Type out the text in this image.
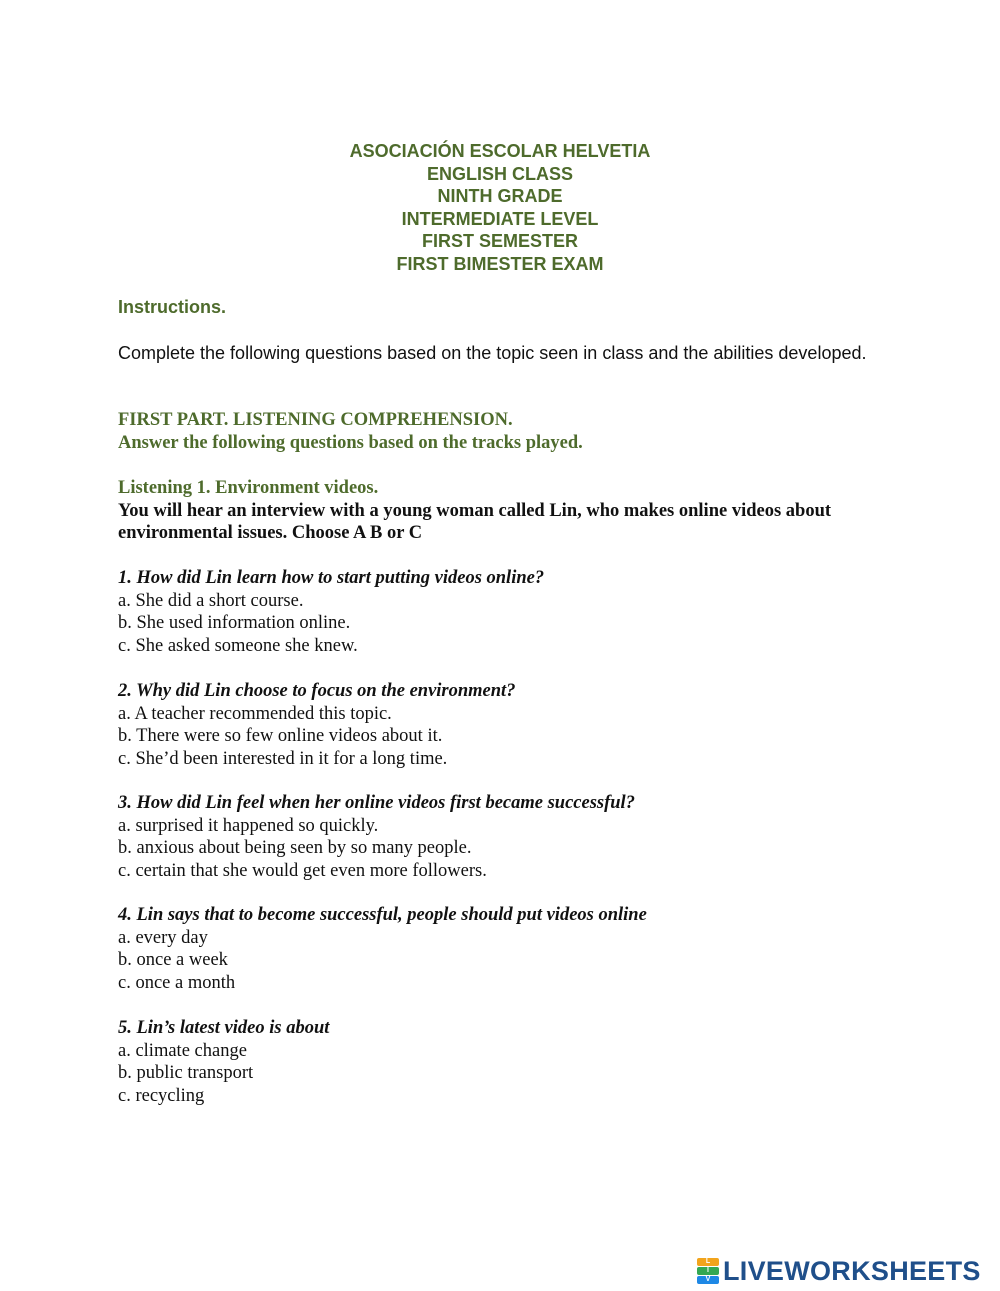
ASOCIACIÓN ESCOLAR HELVETIA
ENGLISH CLASS
NINTH GRADE
INTERMEDIATE LEVEL
FIRST SEMESTER
FIRST BIMESTER EXAM
Instructions.
Complete the following questions based on the topic seen in class and the abilities developed.
FIRST PART. LISTENING COMPREHENSION.
Answer the following questions based on the tracks played.
Listening 1. Environment videos.
You will hear an interview with a young woman called Lin, who makes online videos about environmental issues. Choose A B or C
1. How did Lin learn how to start putting videos online?
a. She did a short course.
b. She used information online.
c. She asked someone she knew.
2. Why did Lin choose to focus on the environment?
a. A teacher recommended this topic.
b. There were so few online videos about it.
c. She’d been interested in it for a long time.
3. How did Lin feel when her online videos first became successful?
a. surprised it happened so quickly.
b. anxious about being seen by so many people.
c. certain that she would get even more followers.
4. Lin says that to become successful, people should put videos online
a. every day
b. once a week
c. once a month
5. Lin’s latest video is about
a. climate change
b. public transport
c. recycling
L
I
V LIVEWORKSHEETS
